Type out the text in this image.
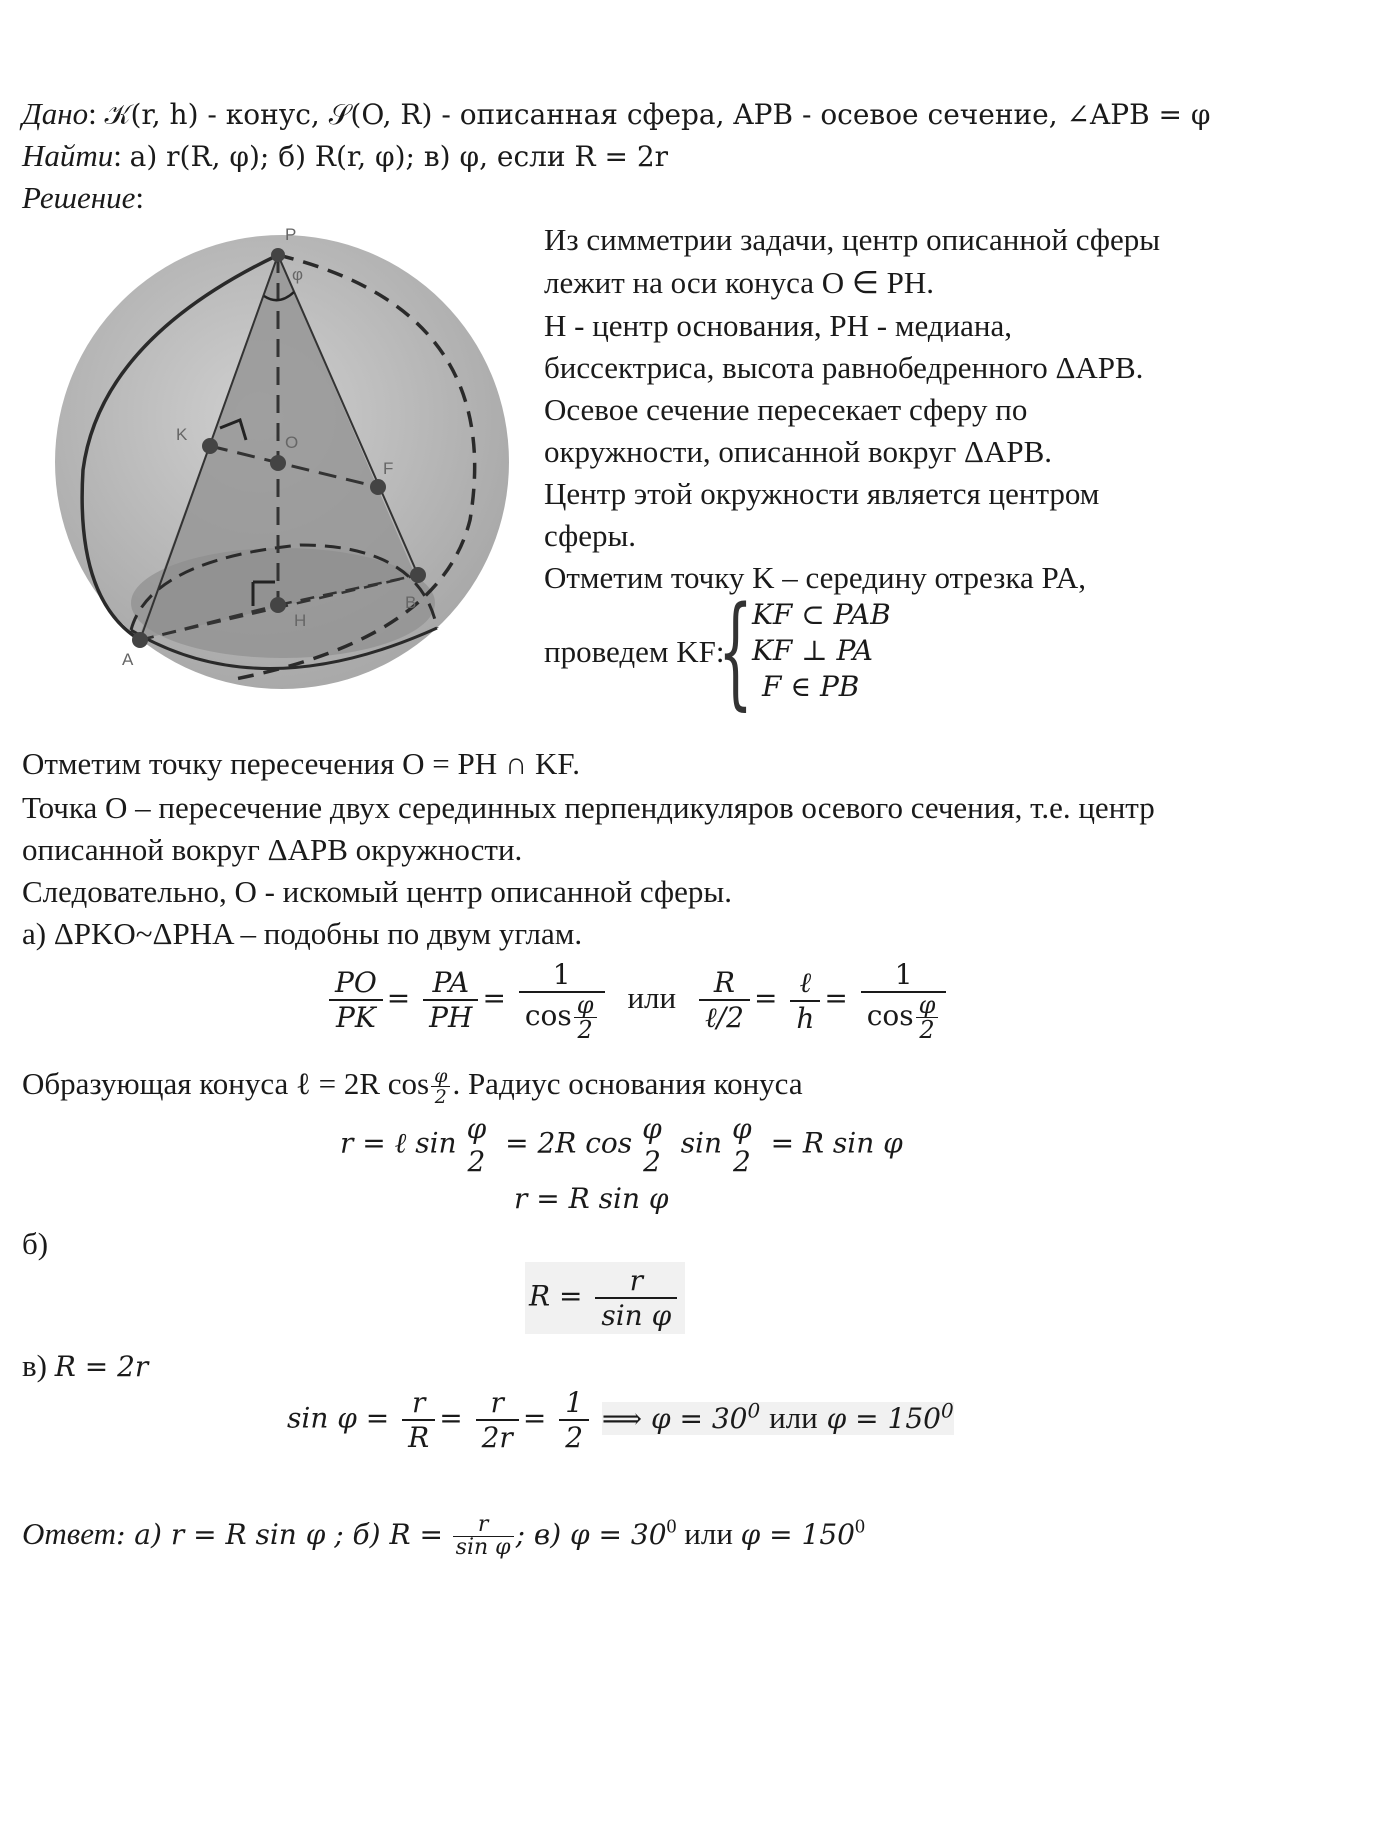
Дано: 𝒦(r, h) - конус, 𝒮(O, R) - описанная сфера, APB - осевое сечение, ∠APB = φ
Найти: а) r(R, φ); б) R(r, φ); в) φ, если R = 2r
Решение:
P
φ
K	O
F
B
H
A
Из симметрии задачи, центр описанной сферы
лежит на оси конуса O ∈ PH.
H - центр основания, PH - медиана,
биссектриса, высота равнобедренного ΔAPB.
Осевое сечение пересекает сферу по
окружности, описанной вокруг ΔAPB.
Центр этой окружности является центром
сферы.
Отметим точку K – середину отрезка PA,
проведем KF:
{ KF ⊂ PAB
KF ⊥ PA
F ∈ PB
Отметим точку пересечения O = PH ∩ KF.
Точка O – пересечение двух серединных перпендикуляров осевого сечения, т.е. центр
описанной вокруг ΔAPB окружности.
Следовательно, O - искомый центр описанной сферы.
а) ΔPKO~ΔPHA – подобны по двум углам.
$\frac{PO}{PK} = \frac{PA}{PH} = \frac{1}{\cos \frac{\varphi}{2}}$ или $\frac{R}{\text{ℓ/2}} = \frac{\text{ℓ}}{h} = \frac{1}{\cos \frac{\varphi}{2}}$
Образующая конуса ℓ = 2R $\cos \frac{\varphi}{2}$ . Радиус основания конуса
r = ℓ sin φ
2
= 2R cos φ
2
sin φ
2
= R sin φ
r = R sin φ
б)
$R = \frac{r}{\text{sin φ}}$
в) R = 2r
$\sin \varphi = \frac{r}{R} = \frac{r}{2r} = \frac{1}{2}$ ⟹ $\varphi = 30^0$ или $\varphi = 150^0$
Ответ: а) r = R sin φ ; б) $R = \frac{r}{\text{sin φ}}$ ; в) $\varphi = 30^0$ или $\varphi = 150^0$
